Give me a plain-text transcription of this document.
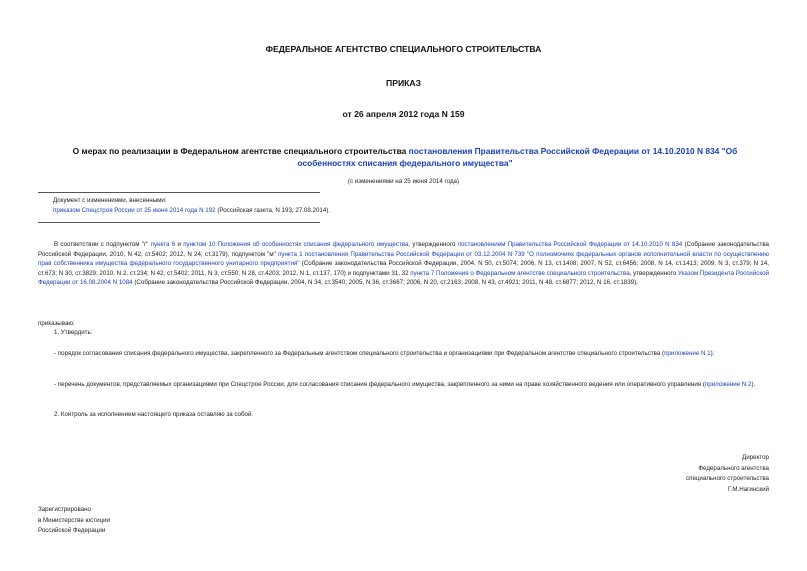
ФЕДЕРАЛЬНОЕ АГЕНТСТВО СПЕЦИАЛЬНОГО СТРОИТЕЛЬСТВА
ПРИКАЗ
от 26 апреля 2012 года N 159
О мерах по реализации в Федеральном агентстве специального строительства постановления Правительства Российской Федерации от 14.10.2010 N 834 "Об особенностях списания федерального имущества"
(с изменениями на 25 июня 2014 года)
Документ с изменениями, внесенными:
приказом Спецстроя России от 25 июня 2014 года N 192 (Российская газета, N 193, 27.08.2014).
В соответствии с подпунктом "г" пункта 6 и пунктом 10 Положения об особенностях списания федерального имущества, утвержденного постановлением Правительства Российской Федерации от 14.10.2010 N 834 (Собрание законодательства Российской Федерации, 2010, N 42, ст.5402; 2012, N 24, ст.3179), подпунктом "м" пункта 1 постановления Правительства Российской Федерации от 03.12.2004 N 739 "О полномочиях федеральных органов исполнительной власти по осуществлению прав собственника имущества федерального государственного унитарного предприятия" (Собрание законодательства Российской Федерации, 2004, N 50, ст.5074; 2006, N 13, ст.1408; 2007, N 52, ст.6456; 2008, N 14, ст.1413; 2009, N 3, ст.379; N 14, ст.673; N 30, ст.3829; 2010, N 2, ст.234; N 42, ст.5402; 2011, N 3, ст.550; N 28, ст.4203; 2012, N 1, ст.137, 170) и подпунктами 31, 32 пункта 7 Положения о Федеральном агентстве специального строительства, утвержденного Указом Президента Российской Федерации от 16.08.2004 N 1084 (Собрание законодательства Российской Федерации, 2004, N 34, ст.3540; 2005, N 36, ст.3667; 2006, N 20, ст.2163; 2008, N 43, ст.4921; 2011, N 48, ст.6877; 2012, N 16, ст.1839),
приказываю:
1. Утвердить:
- порядок согласования списания федерального имущества, закрепленного за Федеральным агентством специального строительства и организациями при Федеральном агентстве специального строительства (приложение N 1);
- перечень документов, представляемых организациями при Спецстрое России, для согласования списания федерального имущества, закрепленного за ними на праве хозяйственного ведения или оперативного управления (приложение N 2).
2. Контроль за исполнением настоящего приказа оставляю за собой.
Директор
Федерального агентства
специального строительства
Г.М.Нагинский
Зарегистрировано
в Министерстве юстиции
Российской Федерации
